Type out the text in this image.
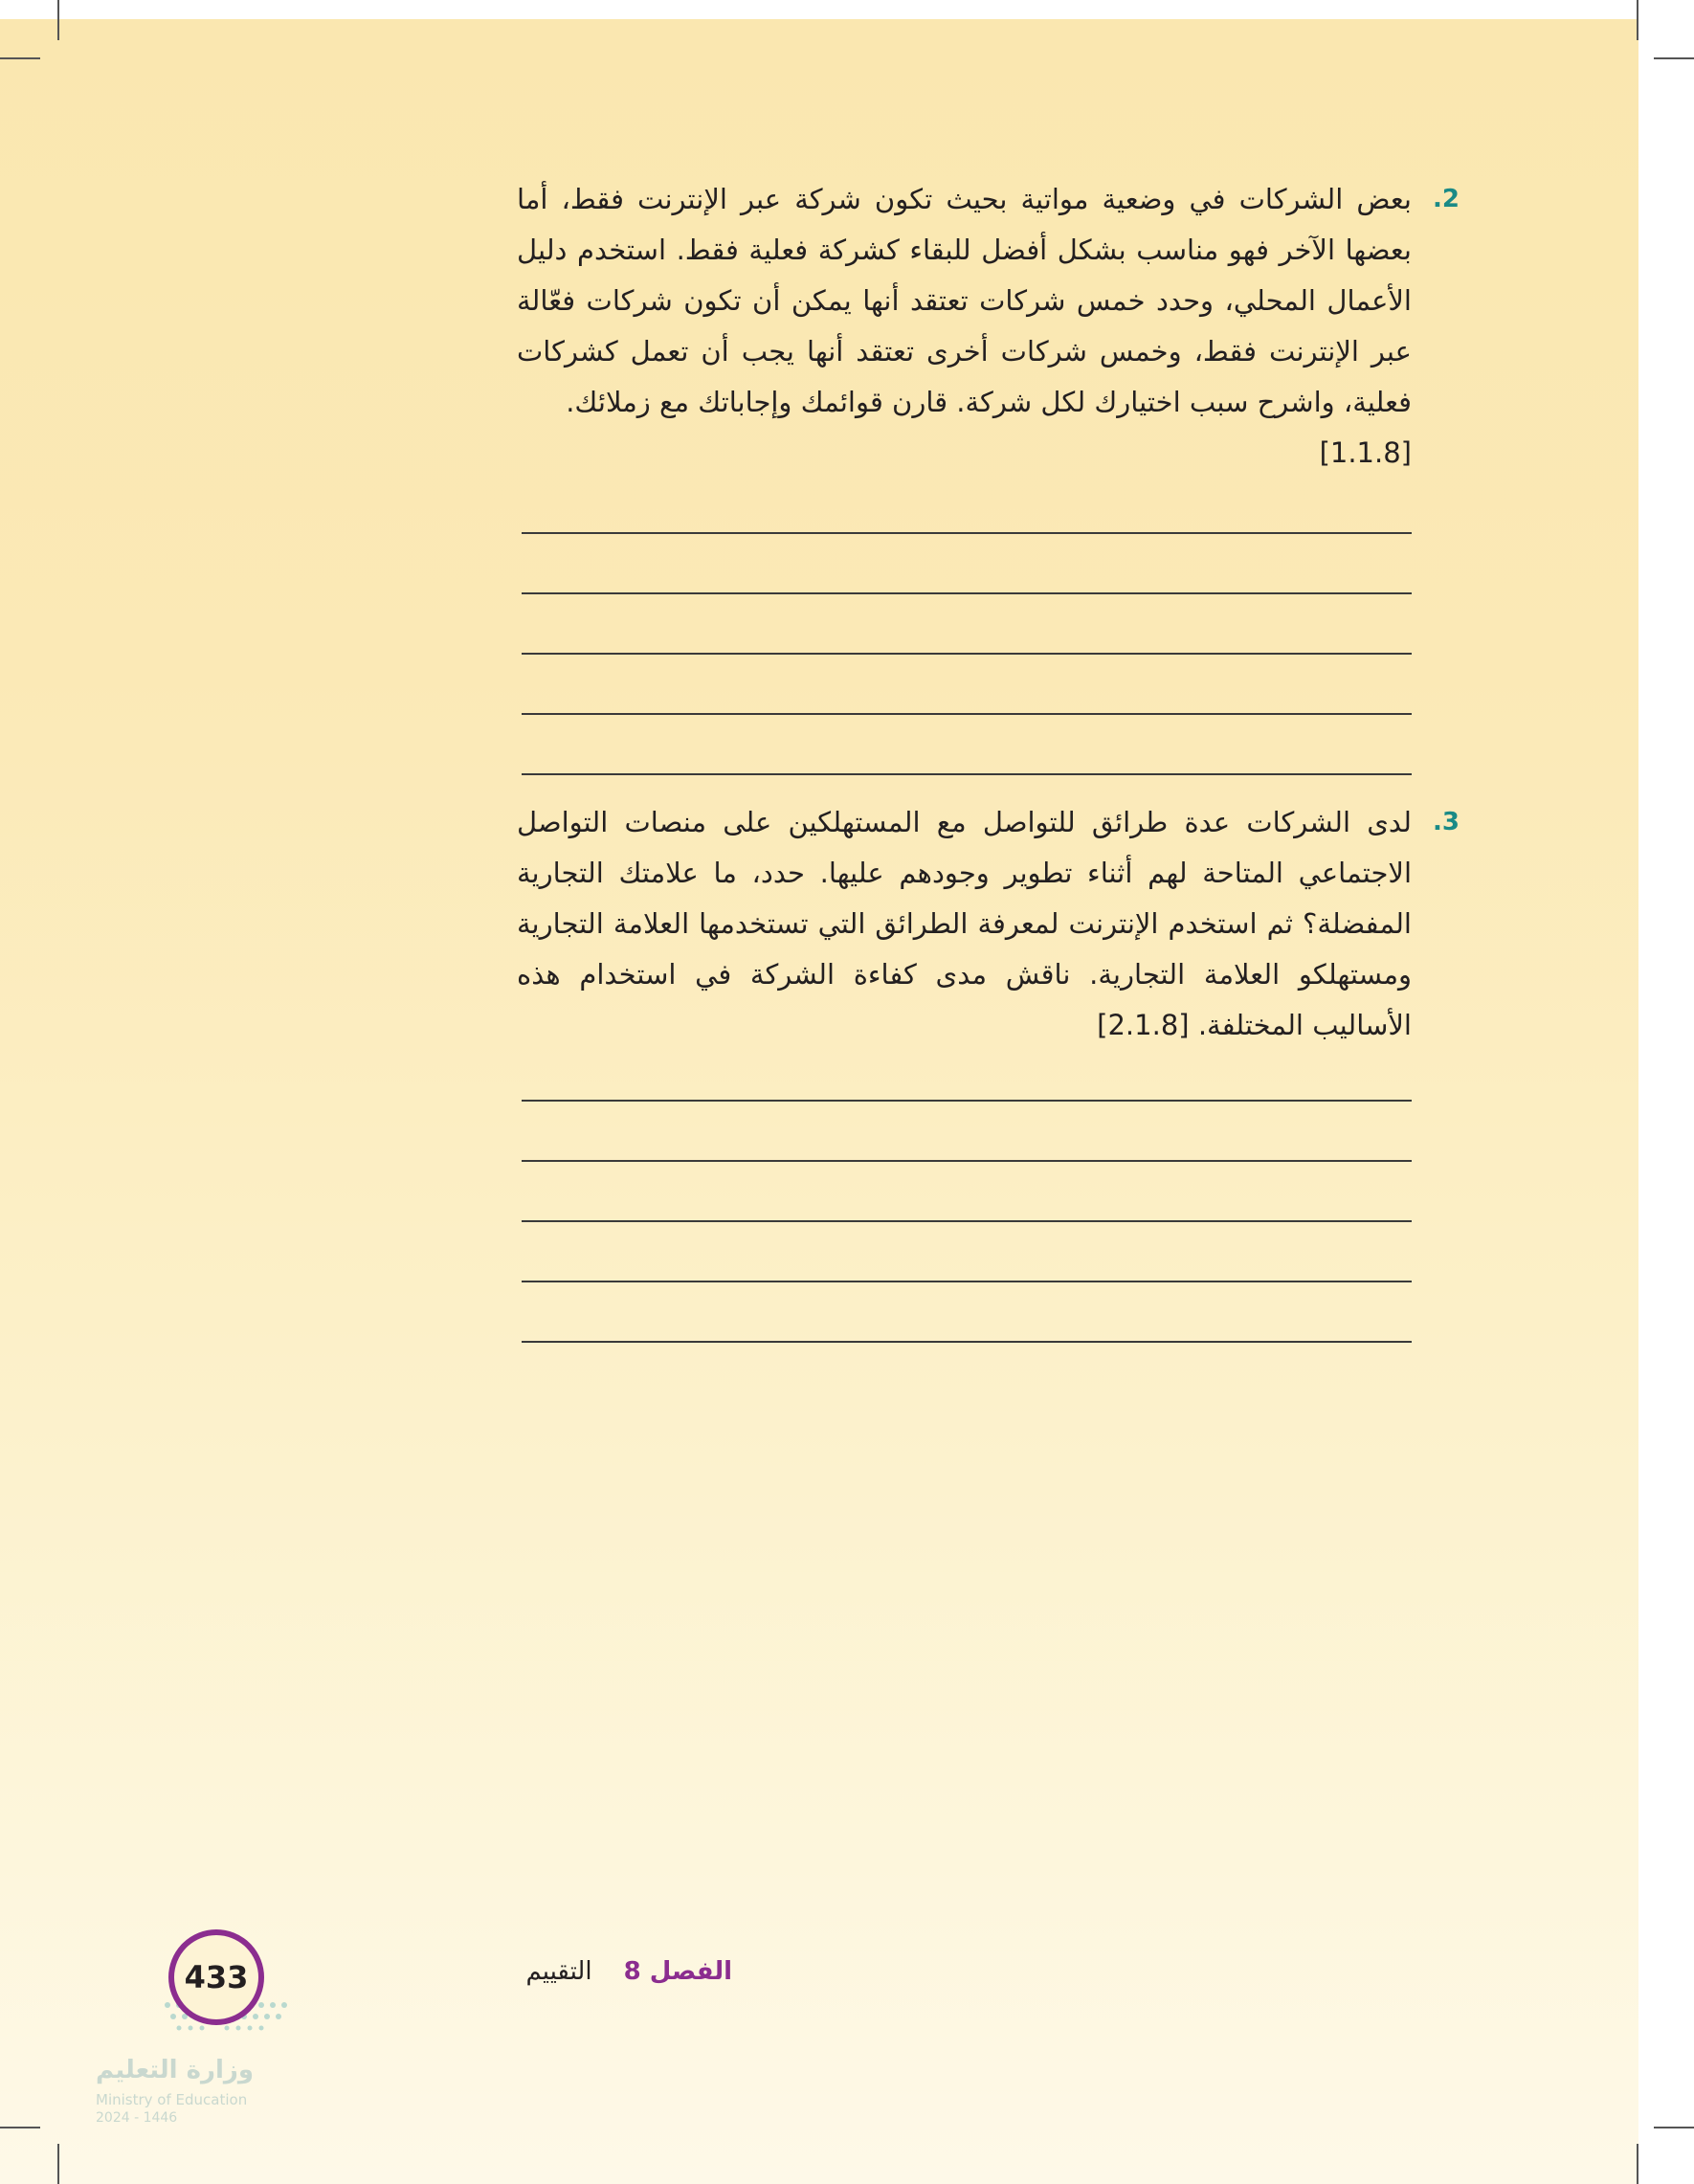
.2
بعض الشركات في وضعية مواتية بحيث تكون شركة عبر الإنترنت فقط، أما بعضها الآخر فهو مناسب بشكل أفضل للبقاء كشركة فعلية فقط. استخدم دليل الأعمال المحلي، وحدد خمس شركات تعتقد أنها يمكن أن تكون شركات فعّالة عبر الإنترنت فقط، وخمس شركات أخرى تعتقد أنها يجب أن تعمل كشركات فعلية، واشرح سبب اختيارك لكل شركة. قارن قوائمك وإجاباتك مع زملائك.
[1.1.8]
.3
لدى الشركات عدة طرائق للتواصل مع المستهلكين على منصات التواصل الاجتماعي المتاحة لهم أثناء تطوير وجودهم عليها. حدد، ما علامتك التجارية المفضلة؟ ثم استخدم الإنترنت لمعرفة الطرائق التي تستخدمها العلامة التجارية ومستهلكو العلامة التجارية. ناقش مدى كفاءة الشركة في استخدام هذه الأساليب المختلفة. [2.1.8]
الفصل 8    التقييم
وزارة التعليم
Ministry of Education
2024 - 1446
433
